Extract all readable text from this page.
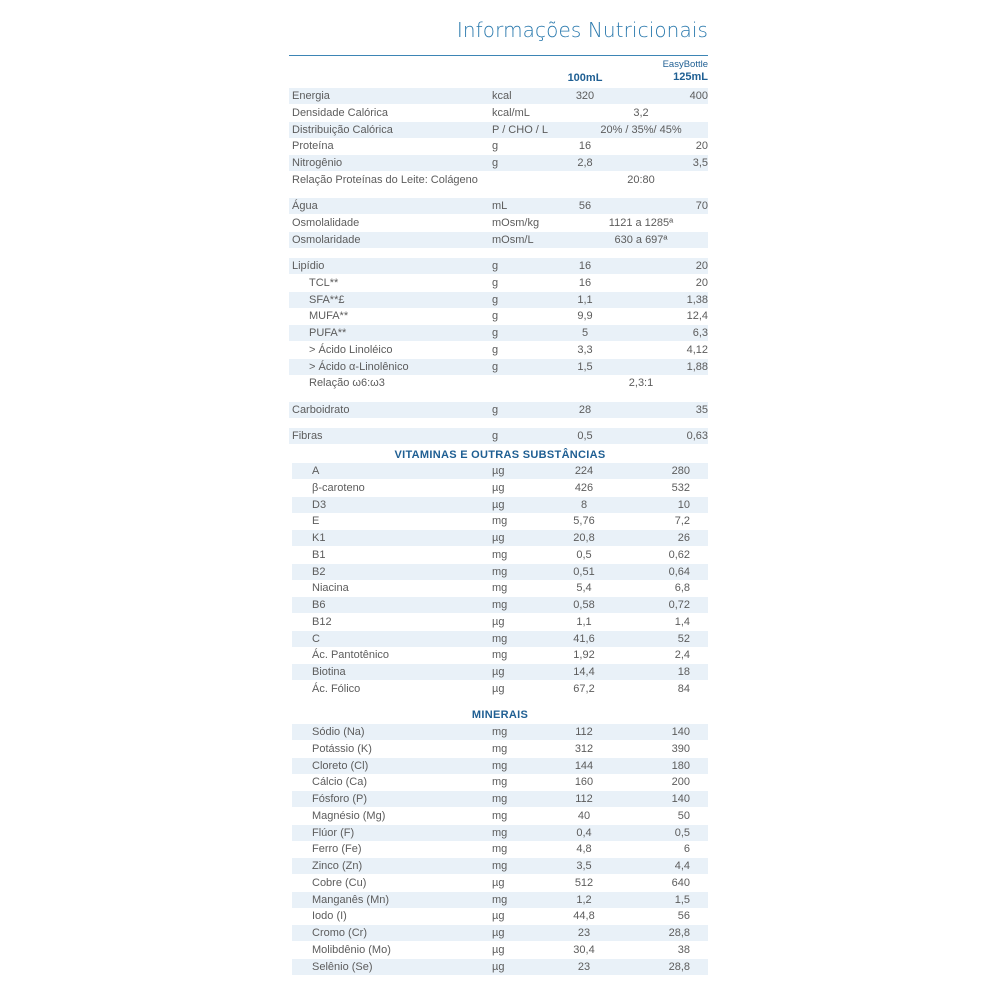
Informações Nutricionais
100mL
EasyBottle
125mL
Energia	kcal	320	400
Densidade Calórica	kcal/mL	3,2
Distribuição Calórica	P / CHO / L	20% / 35%/ 45%
Proteína	g	16	20
Nitrogênio	g	2,8	3,5
Relação Proteínas do Leite: Colágeno	20:80
Água	mL	56	70
Osmolalidade	mOsm/kg	1121 a 1285ª
Osmolaridade	mOsm/L	630 a 697ª
Lipídio	g	16	20
TCL**	g	16	20
SFA**£	g	1,1	1,38
MUFA**	g	9,9	12,4
PUFA**	g	5	6,3
> Ácido Linoléico	g	3,3	4,12
> Ácido α-Linolênico	g	1,5	1,88
Relação ω6:ω3	2,3:1
Carboidrato	g	28	35
Fibras	g	0,5	0,63
VITAMINAS E OUTRAS SUBSTÂNCIAS
A	µg	224	280
β-caroteno	µg	426	532
D3	µg	8	10
E	mg	5,76	7,2
K1	µg	20,8	26
B1	mg	0,5	0,62
B2	mg	0,51	0,64
Niacina	mg	5,4	6,8
B6	mg	0,58	0,72
B12	µg	1,1	1,4
C	mg	41,6	52
Ác. Pantotênico	mg	1,92	2,4
Biotina	µg	14,4	18
Ác. Fólico	µg	67,2	84
MINERAIS
Sódio (Na)	mg	112	140
Potássio (K)	mg	312	390
Cloreto (Cl)	mg	144	180
Cálcio (Ca)	mg	160	200
Fósforo (P)	mg	112	140
Magnésio (Mg)	mg	40	50
Flúor (F)	mg	0,4	0,5
Ferro (Fe)	mg	4,8	6
Zinco (Zn)	mg	3,5	4,4
Cobre (Cu)	µg	512	640
Manganês (Mn)	mg	1,2	1,5
Iodo (I)	µg	44,8	56
Cromo (Cr)	µg	23	28,8
Molibdênio (Mo)	µg	30,4	38
Selênio (Se)	µg	23	28,8
